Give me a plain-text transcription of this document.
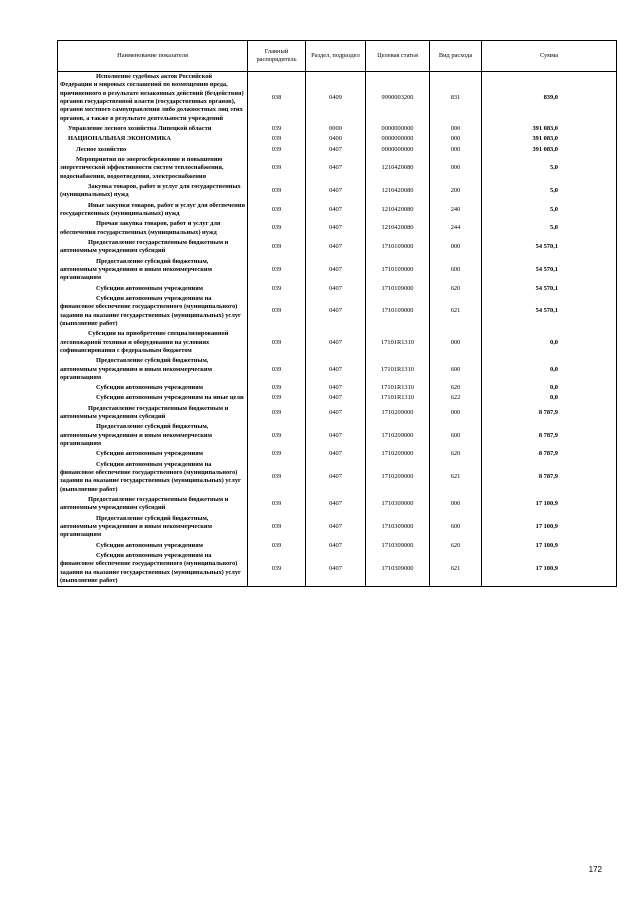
Наименование показателя	Главный распорядитель	Раздел, подраздел	Целевая статья	Вид расхода	Сумма
Исполнение судебных актов Российской Федерации и мировых соглашений по возмещению вреда, причиненного в результате незаконных действий (бездействия) органов государственной власти (государственных органов), органов местного самоуправления либо должностных лиц этих органов, а также в результате деятельности учреждений	038	0409	9990003200	831	839,0
Управление лесного хозяйства Липецкой области	039	0000	0000000000	000	391 083,0
НАЦИОНАЛЬНАЯ ЭКОНОМИКА	039	0400	0000000000	000	391 083,0
Лесное хозяйство	039	0407	0000000000	000	391 083,0
Мероприятия по энергосбережению и повышению энергетической эффективности систем теплоснабжения, водоснабжения, водоотведения, электроснабжения	039	0407	1210420080	000	5,0
Закупка товаров, работ и услуг для государственных (муниципальных) нужд	039	0407	1210420080	200	5,0
Иные закупки товаров, работ и услуг для обеспечения государственных (муниципальных) нужд	039	0407	1210420080	240	5,0
Прочая закупка товаров, работ и услуг для обеспечения государственных (муниципальных) нужд	039	0407	1210420080	244	5,0
Предоставление государственным бюджетным и автономным учреждениям субсидий	039	0407	1710109000	000	54 570,1
Предоставление субсидий бюджетным, автономным учреждениям и иным некоммерческим организациям	039	0407	1710109000	600	54 570,1
Субсидии автономным учреждениям	039	0407	1710109000	620	54 570,1
Субсидии автономным учреждениям на финансовое обеспечение государственного (муниципального) задания на оказание государственных (муниципальных) услуг (выполнение работ)	039	0407	1710109000	621	54 570,1
Субсидии на приобретение специализированной лесопожарной техники и оборудования на условиях софинансирования с федеральным бюджетом	039	0407	17101R1310	000	0,0
Предоставление субсидий бюджетным, автономным учреждениям и иным некоммерческим организациям	039	0407	17101R1310	600	0,0
Субсидии автономным учреждениям	039	0407	17101R1310	620	0,0
Субсидии автономным учреждениям на иные цели	039	0407	17101R1310	622	0,0
Предоставление государственным бюджетным и автономным учреждениям субсидий	039	0407	1710209000	000	8 787,9
Предоставление субсидий бюджетным, автономным учреждениям и иным некоммерческим организациям	039	0407	1710209000	600	8 787,9
Субсидии автономным учреждениям	039	0407	1710209000	620	8 787,9
Субсидии автономным учреждениям на финансовое обеспечение государственного (муниципального) задания на оказание государственных (муниципальных) услуг (выполнение работ)	039	0407	1710209000	621	8 787,9
Предоставление государственным бюджетным и автономным учреждениям субсидий	039	0407	1710309000	000	17 100,9
Предоставление субсидий бюджетным, автономным учреждениям и иным некоммерческим организациям	039	0407	1710309000	600	17 100,9
Субсидии автономным учреждениям	039	0407	1710309000	620	17 100,9
Субсидии автономным учреждениям на финансовое обеспечение государственного (муниципального) задания на оказание государственных (муниципальных) услуг (выполнение работ)	039	0407	1710309000	621	17 100,9
172
